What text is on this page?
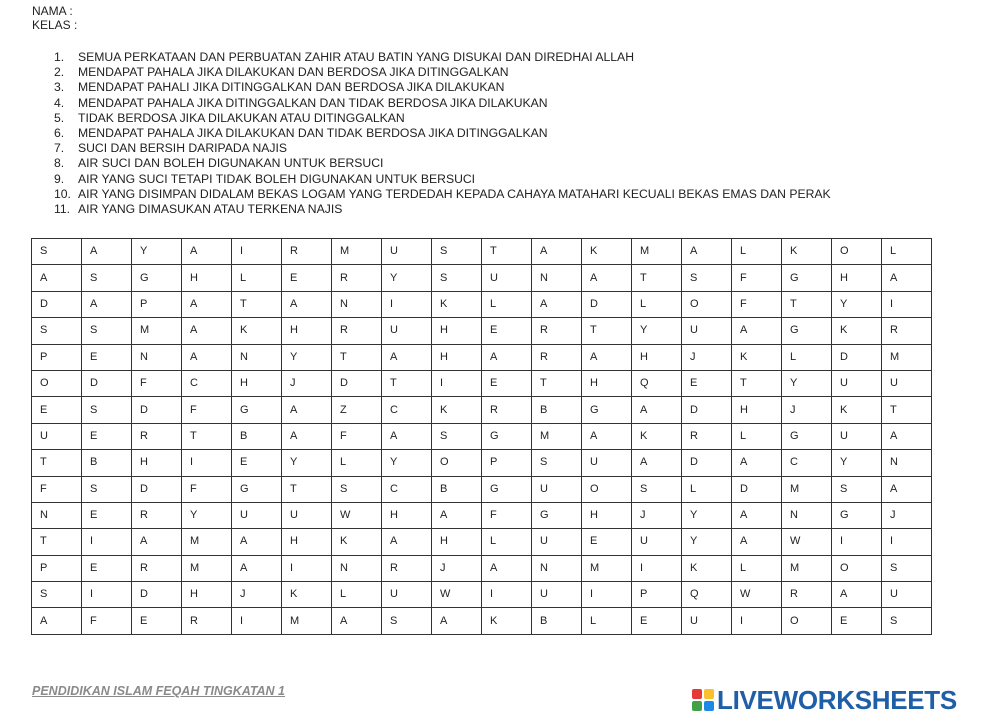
NAMA :
KELAS :
1.	SEMUA PERKATAAN DAN PERBUATAN ZAHIR ATAU BATIN YANG DISUKAI DAN DIREDHAI ALLAH
2.	MENDAPAT PAHALA JIKA DILAKUKAN DAN BERDOSA JIKA DITINGGALKAN
3.	MENDAPAT PAHALI JIKA DITINGGALKAN DAN BERDOSA JIKA DILAKUKAN
4.	MENDAPAT PAHALA JIKA DITINGGALKAN DAN TIDAK BERDOSA JIKA DILAKUKAN
5.	TIDAK BERDOSA JIKA DILAKUKAN ATAU DITINGGALKAN
6.	MENDAPAT PAHALA JIKA DILAKUKAN DAN TIDAK BERDOSA JIKA DITINGGALKAN
7.	SUCI DAN BERSIH DARIPADA NAJIS
8.	AIR SUCI DAN BOLEH DIGUNAKAN UNTUK BERSUCI
9.	AIR YANG SUCI TETAPI TIDAK BOLEH DIGUNAKAN UNTUK BERSUCI
10. AIR YANG DISIMPAN DIDALAM BEKAS LOGAM YANG TERDEDAH KEPADA CAHAYA MATAHARI KECUALI BEKAS EMAS DAN PERAK
11. AIR YANG DIMASUKAN ATAU TERKENA NAJIS
S	A	Y	A	I	R	M	U	S	T	A	K	M	A	L	K	O	L
A	S	G	H	L	E	R	Y	S	U	N	A	T	S	F	G	H	A
D	A	P	A	T	A	N	I	K	L	A	D	L	O	F	T	Y	I
S	S	M	A	K	H	R	U	H	E	R	T	Y	U	A	G	K	R
P	E	N	A	N	Y	T	A	H	A	R	A	H	J	K	L	D	M
O	D	F	C	H	J	D	T	I	E	T	H	Q	E	T	Y	U	U
E	S	D	F	G	A	Z	C	K	R	B	G	A	D	H	J	K	T
U	E	R	T	B	A	F	A	S	G	M	A	K	R	L	G	U	A
T	B	H	I	E	Y	L	Y	O	P	S	U	A	D	A	C	Y	N
F	S	D	F	G	T	S	C	B	G	U	O	S	L	D	M	S	A
N	E	R	Y	U	U	W	H	A	F	G	H	J	Y	A	N	G	J
T	I	A	M	A	H	K	A	H	L	U	E	U	Y	A	W	I	I
P	E	R	M	A	I	N	R	J	A	N	M	I	K	L	M	O	S
S	I	D	H	J	K	L	U	W	I	U	I	P	Q	W	R	A	U
A	F	E	R	I	M	A	S	A	K	B	L	E	U	I	O	E	S
PENDIDIKAN ISLAM FEQAH TINGKATAN 1	LIVEWORKSHEETS
